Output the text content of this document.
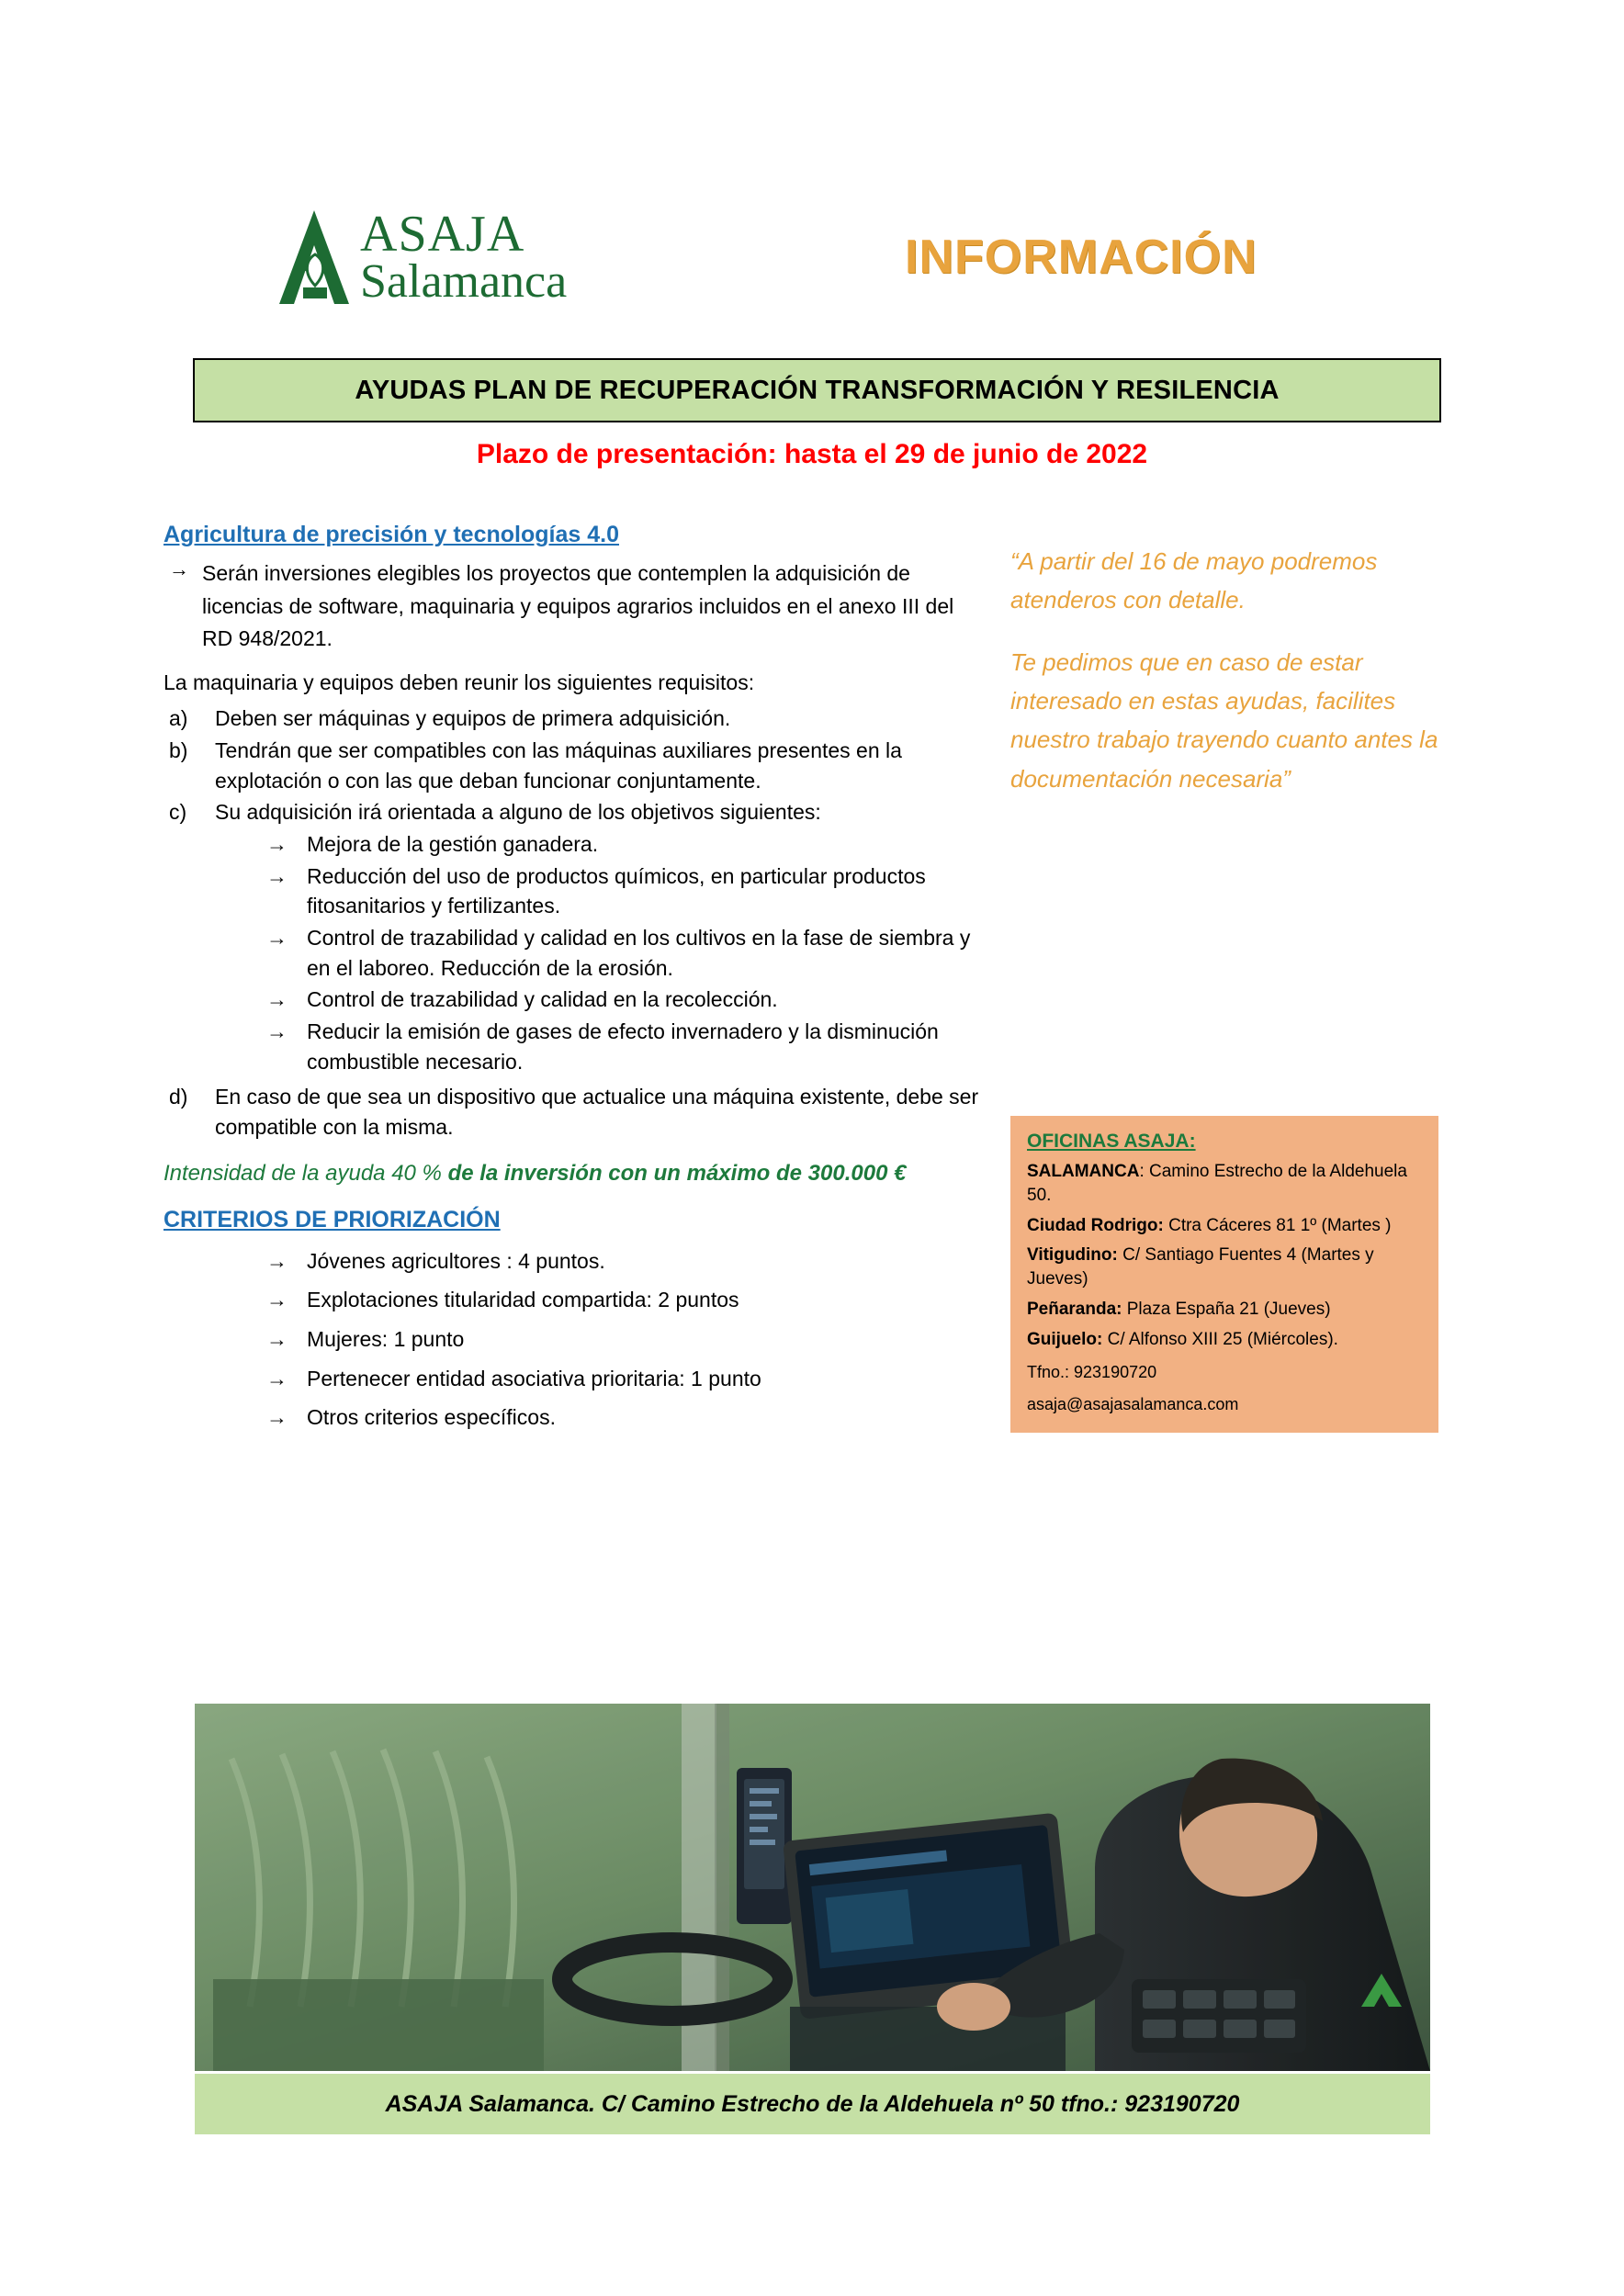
ASAJA
Salamanca	INFORMACIÓN
AYUDAS PLAN DE RECUPERACIÓN TRANSFORMACIÓN Y RESILENCIA
Plazo de presentación: hasta el 29 de junio de 2022
Agricultura de precisión y tecnologías 4.0
→ Serán inversiones elegibles los proyectos que contemplen la adquisición de licencias de software, maquinaria y equipos agrarios incluidos en el anexo III del RD 948/2021.
La maquinaria y equipos deben reunir los siguientes requisitos:
a)	Deben ser máquinas y equipos de primera adquisición.
b)	Tendrán que ser compatibles con las máquinas auxiliares presentes en la explotación o con las que deban funcionar conjuntamente.
c)	Su adquisición irá orientada a alguno de los objetivos siguientes:
→ Mejora de la gestión ganadera.
→ Reducción del uso de productos químicos, en particular productos fitosanitarios y fertilizantes.
→ Control de trazabilidad y calidad en los cultivos en la fase de siembra y en el laboreo. Reducción de la erosión.
→ Control de trazabilidad y calidad en la recolección.
→ Reducir la emisión de gases de efecto invernadero y la disminución combustible necesario.
d)	En caso de que sea un dispositivo que actualice una máquina existente, debe ser compatible con la misma.
Intensidad de la ayuda 40 % de la inversión con un máximo de 300.000 €
CRITERIOS DE PRIORIZACIÓN
→ Jóvenes agricultores : 4 puntos.
→ Explotaciones titularidad compartida: 2 puntos
→ Mujeres: 1 punto
→ Pertenecer entidad asociativa prioritaria: 1 punto
→ Otros criterios específicos.

“A partir del 16 de mayo podremos atenderos con detalle.

Te pedimos que en caso de estar interesado en estas ayudas, facilites nuestro trabajo trayendo cuanto antes la documentación necesaria”

OFICINAS ASAJA:
SALAMANCA: Camino Estrecho de la Aldehuela 50.
Ciudad Rodrigo: Ctra Cáceres 81 1º (Martes )
Vitigudino: C/ Santiago Fuentes 4 (Martes y Jueves)
Peñaranda: Plaza España 21 (Jueves)
Guijuelo: C/ Alfonso XIII 25 (Miércoles).
Tfno.: 923190720
asaja@asajasalamanca.com
ASAJA Salamanca. C/ Camino Estrecho de la Aldehuela nº 50 tfno.: 923190720
